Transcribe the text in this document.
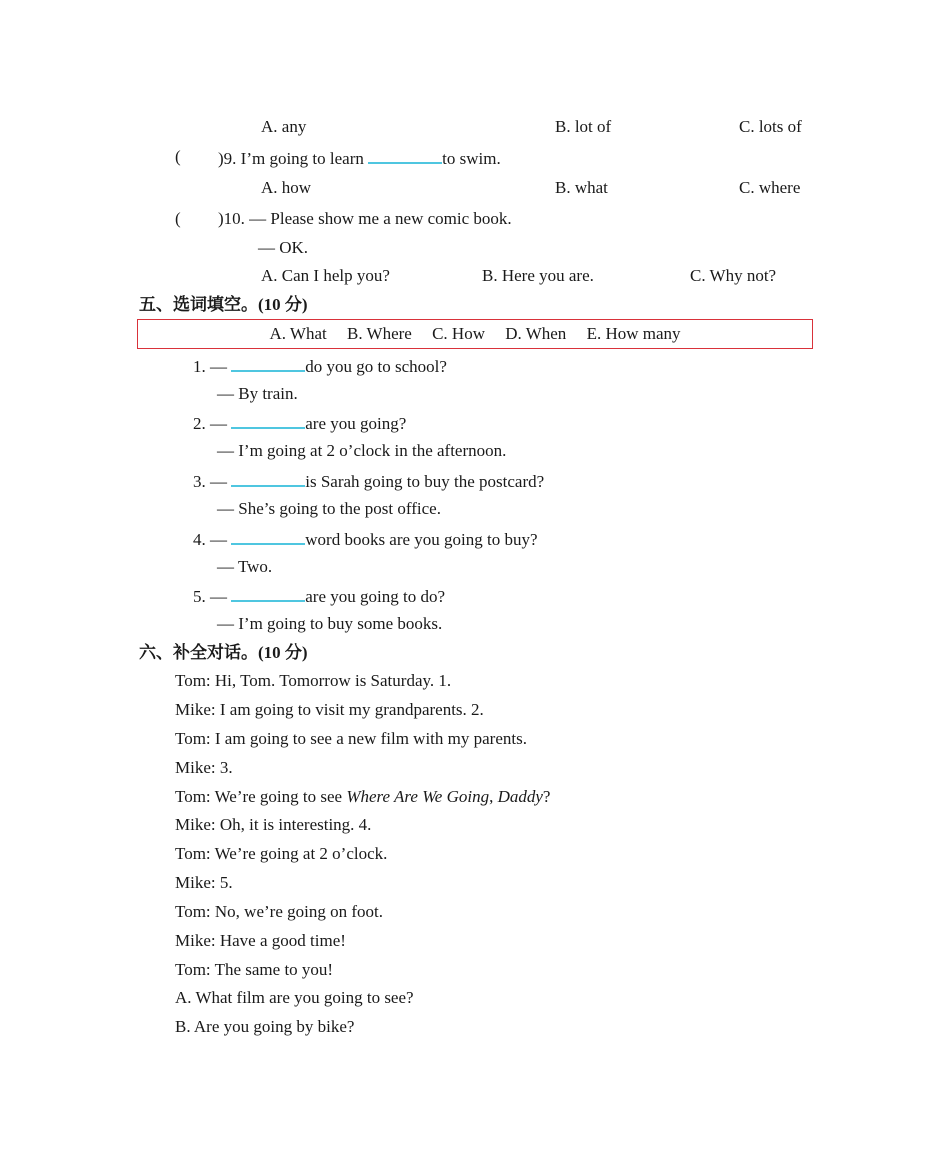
A. any	B. lot of	C. lots of
( )9. I’m going to learn	to swim.
A. how	B. what	C. where
( )10. — Please show me a new comic book.
— OK.
A. Can I help you?	B. Here you are.	C. Why not?
五、选词填空。(10 分)
A. What B. Where C. How D. When E. How many
1. —	do you go to school?
— By train.
2. —	are you going?
— I’m going at 2 o’clock in the afternoon.
3. —	is Sarah going to buy the postcard?
— She’s going to the post office.
4. —	word books are you going to buy?
— Two.
5. —	are you going to do?
— I’m going to buy some books.
六、补全对话。(10 分)
Tom: Hi, Tom. Tomorrow is Saturday. 1.
Mike: I am going to visit my grandparents. 2.
Tom: I am going to see a new film with my parents.
Mike: 3.
Tom: We’re going to see Where Are We Going, Daddy?
Mike: Oh, it is interesting. 4.
Tom: We’re going at 2 o’clock.
Mike: 5.
Tom: No, we’re going on foot.
Mike: Have a good time!
Tom: The same to you!
A. What film are you going to see?
B. Are you going by bike?
